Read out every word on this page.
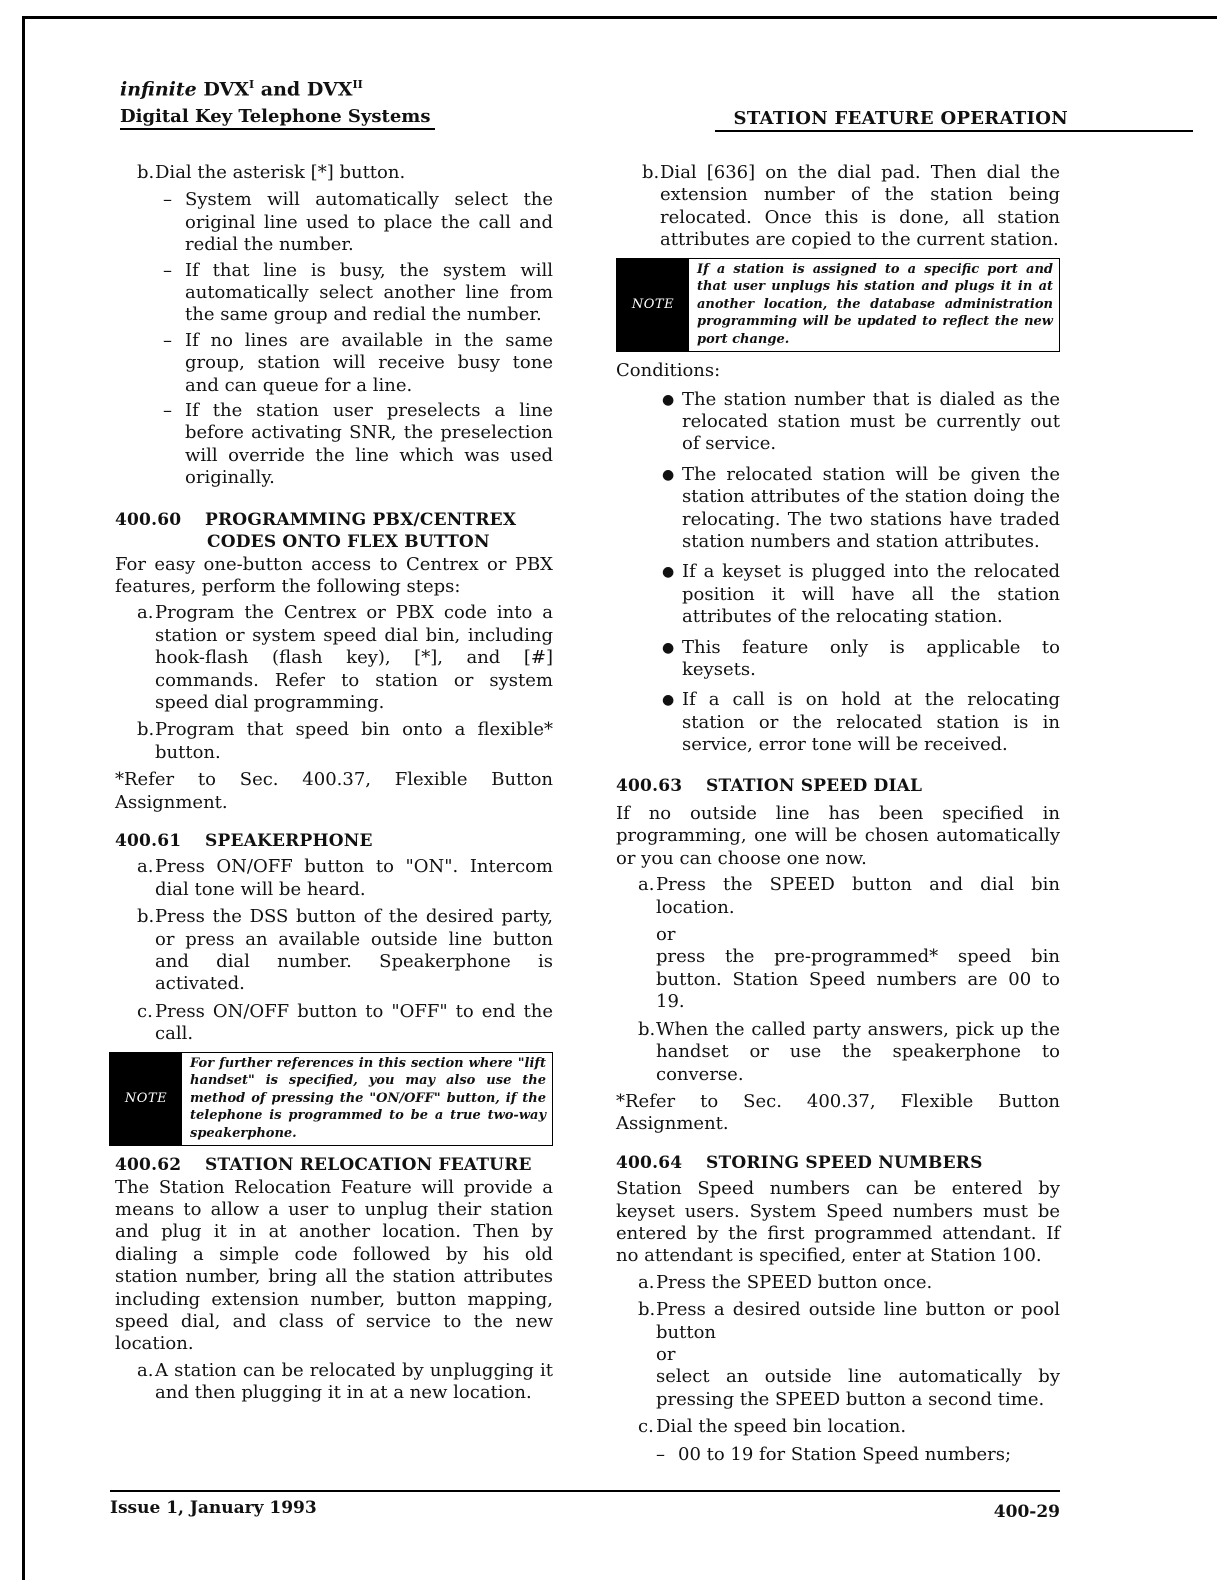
infinite $DVX^I$ and $DVX^{II}$
Digital Key Telephone Systems	STATION FEATURE OPERATION
b. Dial the asterisk [*] button.
– System will automatically select the original line used to place the call and redial the number.
– If that line is busy, the system will automatically select another line from the same group and redial the number.
– If no lines are available in the same group, station will receive busy tone and can queue for a line.
– If the station user preselects a line before activating SNR, the preselection will override the line which was used originally.
400.60 PROGRAMMING PBX/CENTREX
CODES ONTO FLEX BUTTON

For easy one-button access to Centrex or PBX features, perform the following steps:

a. Program the Centrex or PBX code into a station or system speed dial bin, including hook-flash (flash key), [*], and [#] commands. Refer to station or system speed dial programming.
b. Program that speed bin onto a flexible* button.

*Refer to Sec. 400.37, Flexible Button Assignment.

400.61 SPEAKERPHONE
a. Press ON/OFF button to "ON". Intercom dial tone will be heard.
b. Press the DSS button of the desired party, or press an available outside line button and dial number. Speakerphone is activated.
c. Press ON/OFF button to "OFF" to end the call.
NOTE
For further references in this section where "lift handset" is specified, you may also use the method of pressing the "ON/OFF" button, if the telephone is programmed to be a true two-way speakerphone.
400.62 STATION RELOCATION FEATURE

The Station Relocation Feature will provide a means to allow a user to unplug their station and plug it in at another location. Then by dialing a simple code followed by his old station number, bring all the station attributes including extension number, button mapping, speed dial, and class of service to the new location.

a. A station can be relocated by unplugging it and then plugging it in at a new location.
b. Dial [636] on the dial pad. Then dial the extension number of the station being relocated. Once this is done, all station attributes are copied to the current station.
NOTE
If a station is assigned to a specific port and that user unplugs his station and plugs it in at another location, the database administration programming will be updated to reflect the new port change.

Conditions:

● The station number that is dialed as the relocated station must be currently out of service.
● The relocated station will be given the station attributes of the station doing the relocating. The two stations have traded station numbers and station attributes.
● If a keyset is plugged into the relocated position it will have all the station attributes of the relocating station.
● This feature only is applicable to keysets.
● If a call is on hold at the relocating station or the relocated station is in service, error tone will be received.
400.63 STATION SPEED DIAL

If no outside line has been specified in programming, one will be chosen automatically or you can choose one now.

a. Press the SPEED button and dial bin location.

or

press the pre-programmed* speed bin button. Station Speed numbers are 00 to 19.

b. When the called party answers, pick up the handset or use the speakerphone to converse.

*Refer to Sec. 400.37, Flexible Button Assignment.

400.64 STORING SPEED NUMBERS

Station Speed numbers can be entered by keyset users. System Speed numbers must be entered by the first programmed attendant. If no attendant is specified, enter at Station 100.

a. Press the SPEED button once.
b. Press a desired outside line button or pool button

or

select an outside line automatically by pressing the SPEED button a second time.

c. Dial the speed bin location.
– 00 to 19 for Station Speed numbers;
Issue 1, January 1993	400-29
